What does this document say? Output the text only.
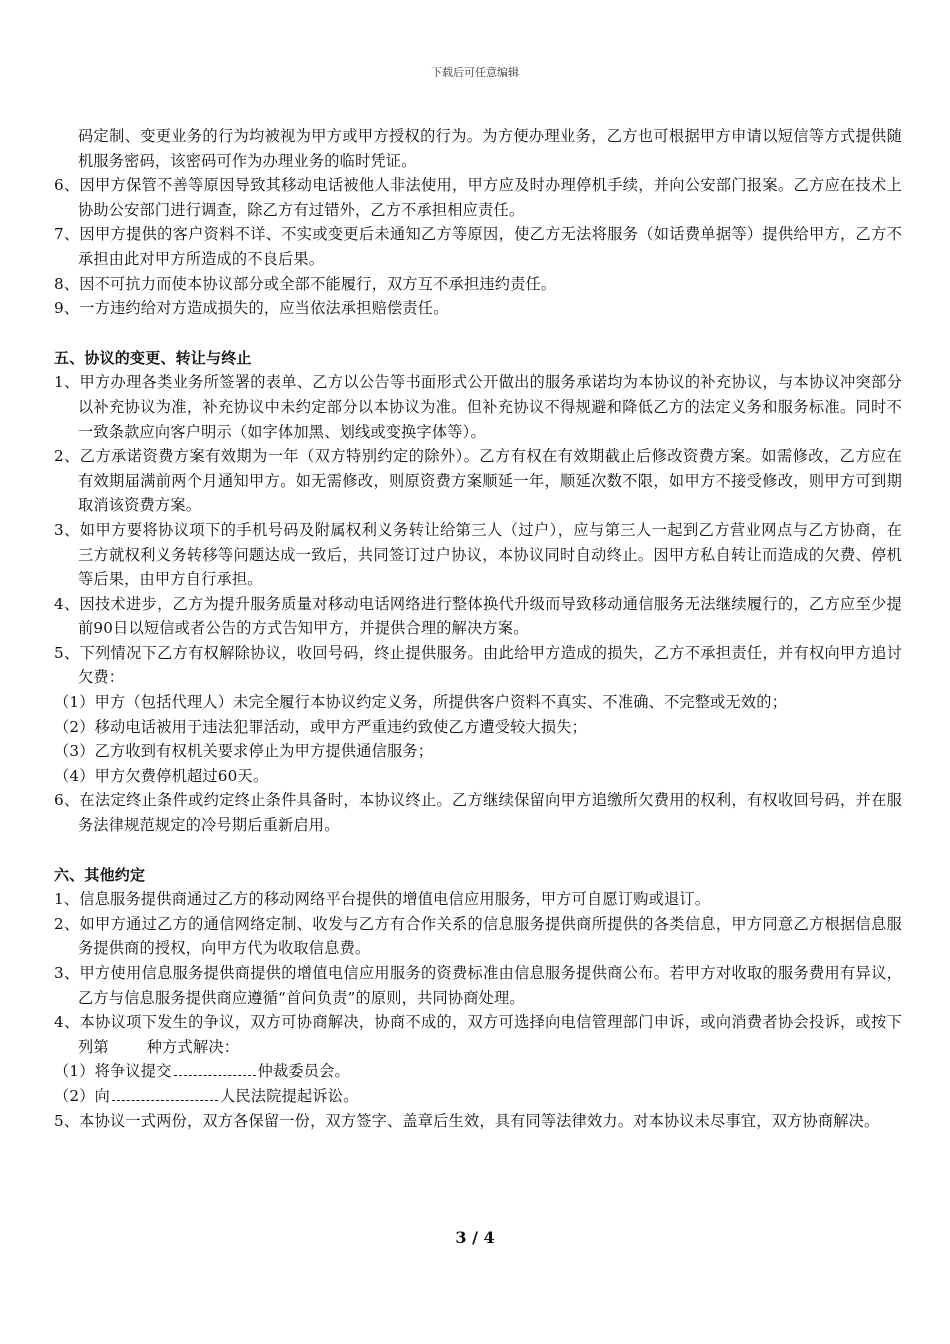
下载后可任意编辑

码定制、变更业务的行为均被视为甲方或甲方授权的行为。为方便办理业务，乙方也可根据甲方申请以短信等方式提供随机服务密码，该密码可作为办理业务的临时凭证。

6、因甲方保管不善等原因导致其移动电话被他人非法使用，甲方应及时办理停机手续，并向公安部门报案。乙方应在技术上协助公安部门进行调查，除乙方有过错外，乙方不承担相应责任。

7、因甲方提供的客户资料不详、不实或变更后未通知乙方等原因，使乙方无法将服务（如话费单据等）提供给甲方，乙方不承担由此对甲方所造成的不良后果。

8、因不可抗力而使本协议部分或全部不能履行，双方互不承担违约责任。

9、一方违约给对方造成损失的，应当依法承担赔偿责任。

五、协议的变更、转让与终止

1、甲方办理各类业务所签署的表单、乙方以公告等书面形式公开做出的服务承诺均为本协议的补充协议，与本协议冲突部分以补充协议为准，补充协议中未约定部分以本协议为准。但补充协议不得规避和降低乙方的法定义务和服务标准。同时不一致条款应向客户明示（如字体加黑、划线或变换字体等）。

2、乙方承诺资费方案有效期为一年（双方特别约定的除外）。乙方有权在有效期截止后修改资费方案。如需修改，乙方应在有效期届满前两个月通知甲方。如无需修改，则原资费方案顺延一年，顺延次数不限，如甲方不接受修改，则甲方可到期取消该资费方案。

3、如甲方要将协议项下的手机号码及附属权利义务转让给第三人（过户），应与第三人一起到乙方营业网点与乙方协商，在三方就权利义务转移等问题达成一致后，共同签订过户协议，本协议同时自动终止。因甲方私自转让而造成的欠费、停机等后果，由甲方自行承担。

4、因技术进步，乙方为提升服务质量对移动电话网络进行整体换代升级而导致移动通信服务无法继续履行的，乙方应至少提前90日以短信或者公告的方式告知甲方，并提供合理的解决方案。

5、下列情况下乙方有权解除协议，收回号码，终止提供服务。由此给甲方造成的损失，乙方不承担责任，并有权向甲方追讨欠费：

（1）甲方（包括代理人）未完全履行本协议约定义务，所提供客户资料不真实、不准确、不完整或无效的；

（2）移动电话被用于违法犯罪活动，或甲方严重违约致使乙方遭受较大损失；

（3）乙方收到有权机关要求停止为甲方提供通信服务；

（4）甲方欠费停机超过60天。

6、在法定终止条件或约定终止条件具备时，本协议终止。乙方继续保留向甲方追缴所欠费用的权利，有权收回号码，并在服务法律规范规定的冷号期后重新启用。

六、其他约定

1、信息服务提供商通过乙方的移动网络平台提供的增值电信应用服务，甲方可自愿订购或退订。

2、如甲方通过乙方的通信网络定制、收发与乙方有合作关系的信息服务提供商所提供的各类信息，甲方同意乙方根据信息服务提供商的授权，向甲方代为收取信息费。

3、甲方使用信息服务提供商提供的增值电信应用服务的资费标准由信息服务提供商公布。若甲方对收取的服务费用有异议，乙方与信息服务提供商应遵循“首问负责”的原则，共同协商处理。

4、本协议项下发生的争议，双方可协商解决，协商不成的，双方可选择向电信管理部门申诉，或向消费者协会投诉，或按下列第	种方式解决：

（1）将争议提交	仲裁委员会。

（2）向	人民法院提起诉讼。

5、本协议一式两份，双方各保留一份，双方签字、盖章后生效，具有同等法律效力。对本协议未尽事宜，双方协商解决。

3 / 4
